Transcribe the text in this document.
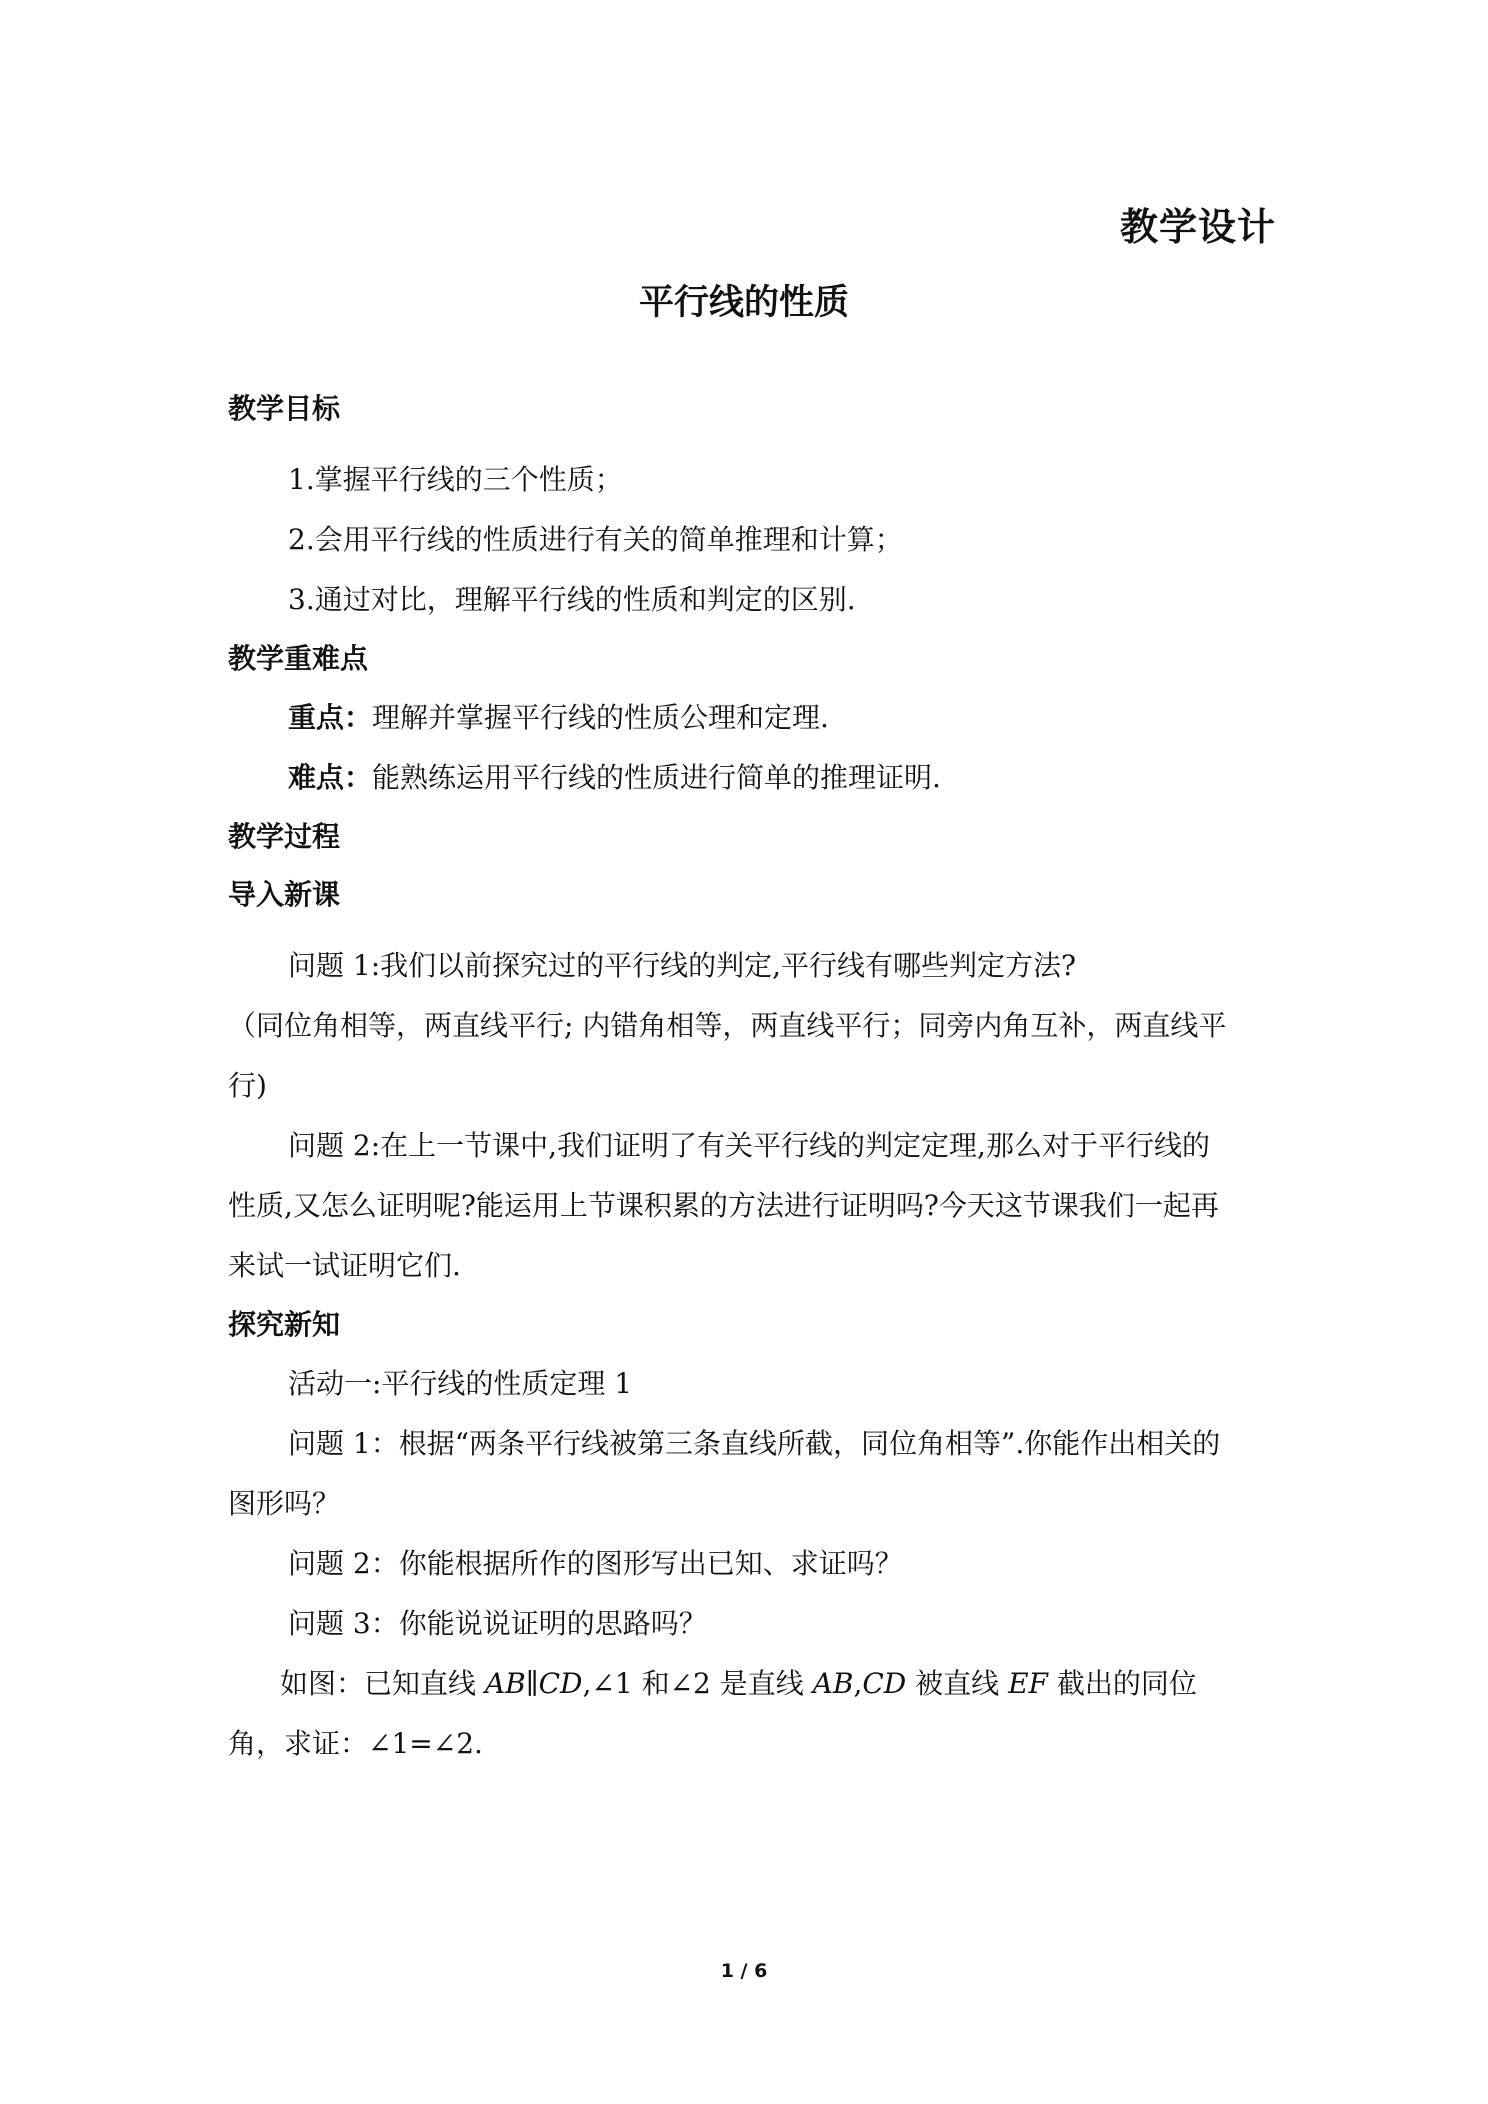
教学设计
平行线的性质
教学目标

1.掌握平行线的三个性质；

2.会用平行线的性质进行有关的简单推理和计算；

3.通过对比，理解平行线的性质和判定的区别.

教学重难点

重点：理解并掌握平行线的性质公理和定理.

难点：能熟练运用平行线的性质进行简单的推理证明.

教学过程
导入新课

问题 1:我们以前探究过的平行线的判定,平行线有哪些判定方法?

（同位角相等，两直线平行; 内错角相等，两直线平行；同旁内角互补，两直线平行)

问题 2:在上一节课中,我们证明了有关平行线的判定定理,那么对于平行线的性质,又怎么证明呢?能运用上节课积累的方法进行证明吗?今天这节课我们一起再来试一试证明它们.

探究新知

活动一:平行线的性质定理 1

问题 1：根据“两条平行线被第三条直线所截，同位角相等”.你能作出相关的图形吗？

问题 2：你能根据所作的图形写出已知、求证吗？

问题 3：你能说说证明的思路吗？

如图：已知直线 AB∥CD,∠1 和∠2 是直线 AB,CD 被直线 EF 截出的同位角，求证：∠1=∠2.

1 / 6
